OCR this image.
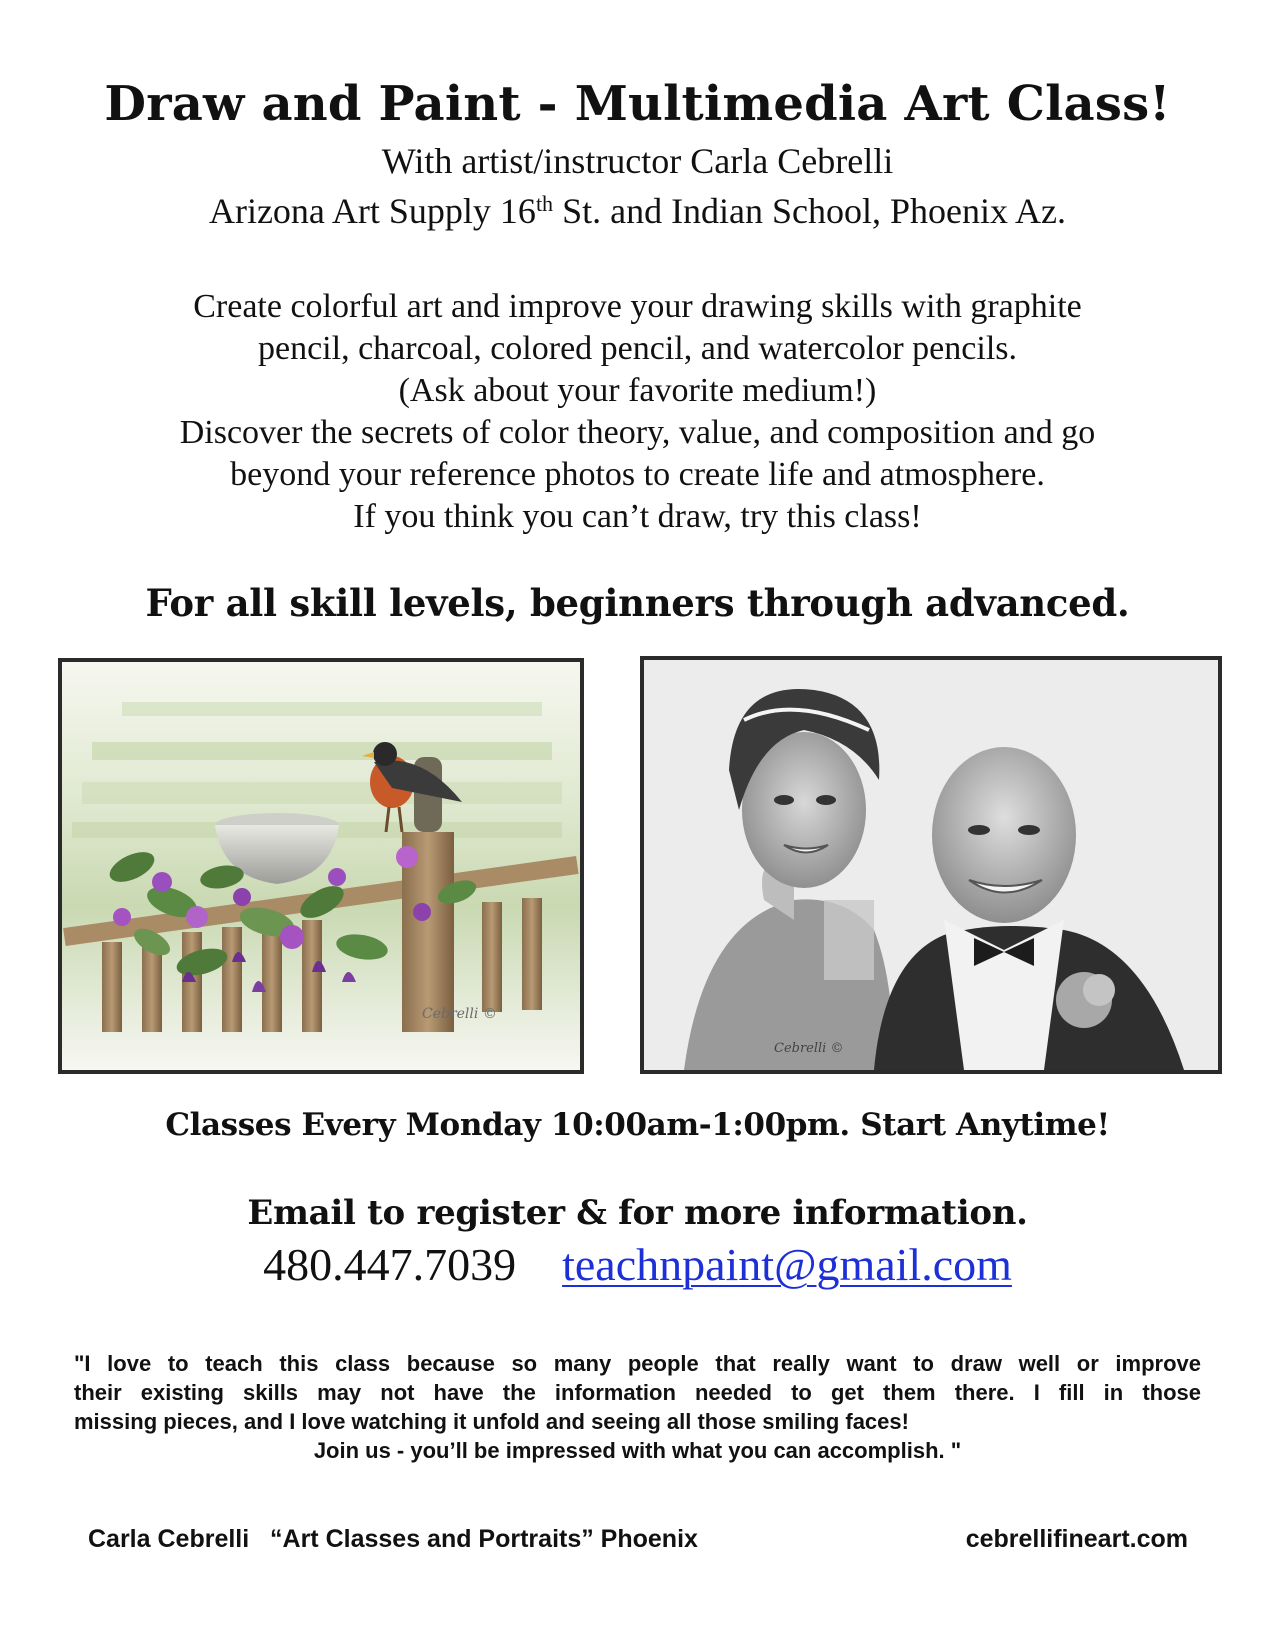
Draw and Paint - Multimedia Art Class!
With artist/instructor Carla Cebrelli
Arizona Art Supply 16th St. and Indian School, Phoenix Az.
Create colorful art and improve your drawing skills with graphite
pencil, charcoal, colored pencil, and watercolor pencils.
(Ask about your favorite medium!)
Discover the secrets of color theory, value, and composition and go
beyond your reference photos to create life and atmosphere.
If you think you can’t draw, try this class!
For all skill levels, beginners through advanced.
Cebrelli ©
Cebrelli ©
Classes Every Monday 10:00am-1:00pm. Start Anytime!
Email to register & for more information.
480.447.7039 teachnpaint@gmail.com
"I love to teach this class because so many people that really want to draw well or improve
their existing skills may not have the information needed to get them there. I fill in those
missing pieces, and I love watching it unfold and seeing all those smiling faces!
Join us - you’ll be impressed with what you can accomplish. "
Carla Cebrelli   “Art Classes and Portraits” Phoenix	cebrellifineart.com
